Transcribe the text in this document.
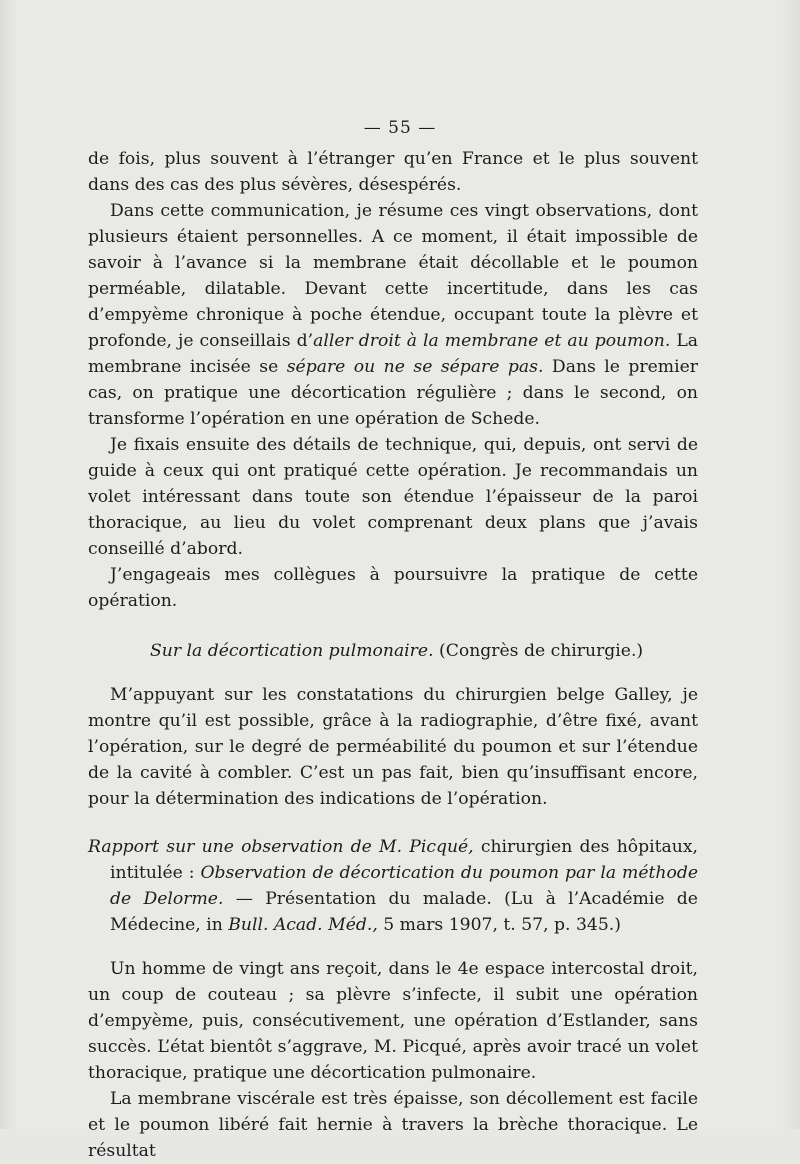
— 55 —

de fois, plus souvent à l’étranger qu’en France et le plus souvent dans des cas des plus sévères, désespérés.

Dans cette communication, je résume ces vingt observations, dont plusieurs étaient personnelles. A ce moment, il était impossible de savoir à l’avance si la membrane était décollable et le poumon perméable, dilatable. Devant cette incertitude, dans les cas d’empyème chronique à poche étendue, occupant toute la plèvre et profonde, je conseillais d’aller droit à la membrane et au poumon. La membrane incisée se sépare ou ne se sépare pas. Dans le premier cas, on pratique une décortication régulière ; dans le second, on transforme l’opération en une opération de Schede.

Je fixais ensuite des détails de technique, qui, depuis, ont servi de guide à ceux qui ont pratiqué cette opération. Je recommandais un volet intéressant dans toute son étendue l’épaisseur de la paroi thoracique, au lieu du volet comprenant deux plans que j’avais conseillé d’abord.

J’engageais mes collègues à poursuivre la pratique de cette opération.

Sur la décortication pulmonaire. (Congrès de chirurgie.)

M’appuyant sur les constatations du chirurgien belge Galley, je montre qu’il est possible, grâce à la radiographie, d’être fixé, avant l’opération, sur le degré de perméabilité du poumon et sur l’étendue de la cavité à combler. C’est un pas fait, bien qu’insuffisant encore, pour la détermination des indications de l’opération.

Rapport sur une observation de M. Picqué, chirurgien des hôpitaux, intitulée : Observation de décortication du poumon par la méthode de Delorme. — Présentation du malade. (Lu à l’Académie de Médecine, in Bull. Acad. Méd., 5 mars 1907, t. 57, p. 345.)

Un homme de vingt ans reçoit, dans le 4e espace intercostal droit, un coup de couteau ; sa plèvre s’infecte, il subit une opération d’empyème, puis, consécutivement, une opération d’Estlander, sans succès. L’état bientôt s’aggrave, M. Picqué, après avoir tracé un volet thoracique, pratique une décortication pulmonaire.

La membrane viscérale est très épaisse, son décollement est facile et le poumon libéré fait hernie à travers la brèche thoracique. Le résultat
